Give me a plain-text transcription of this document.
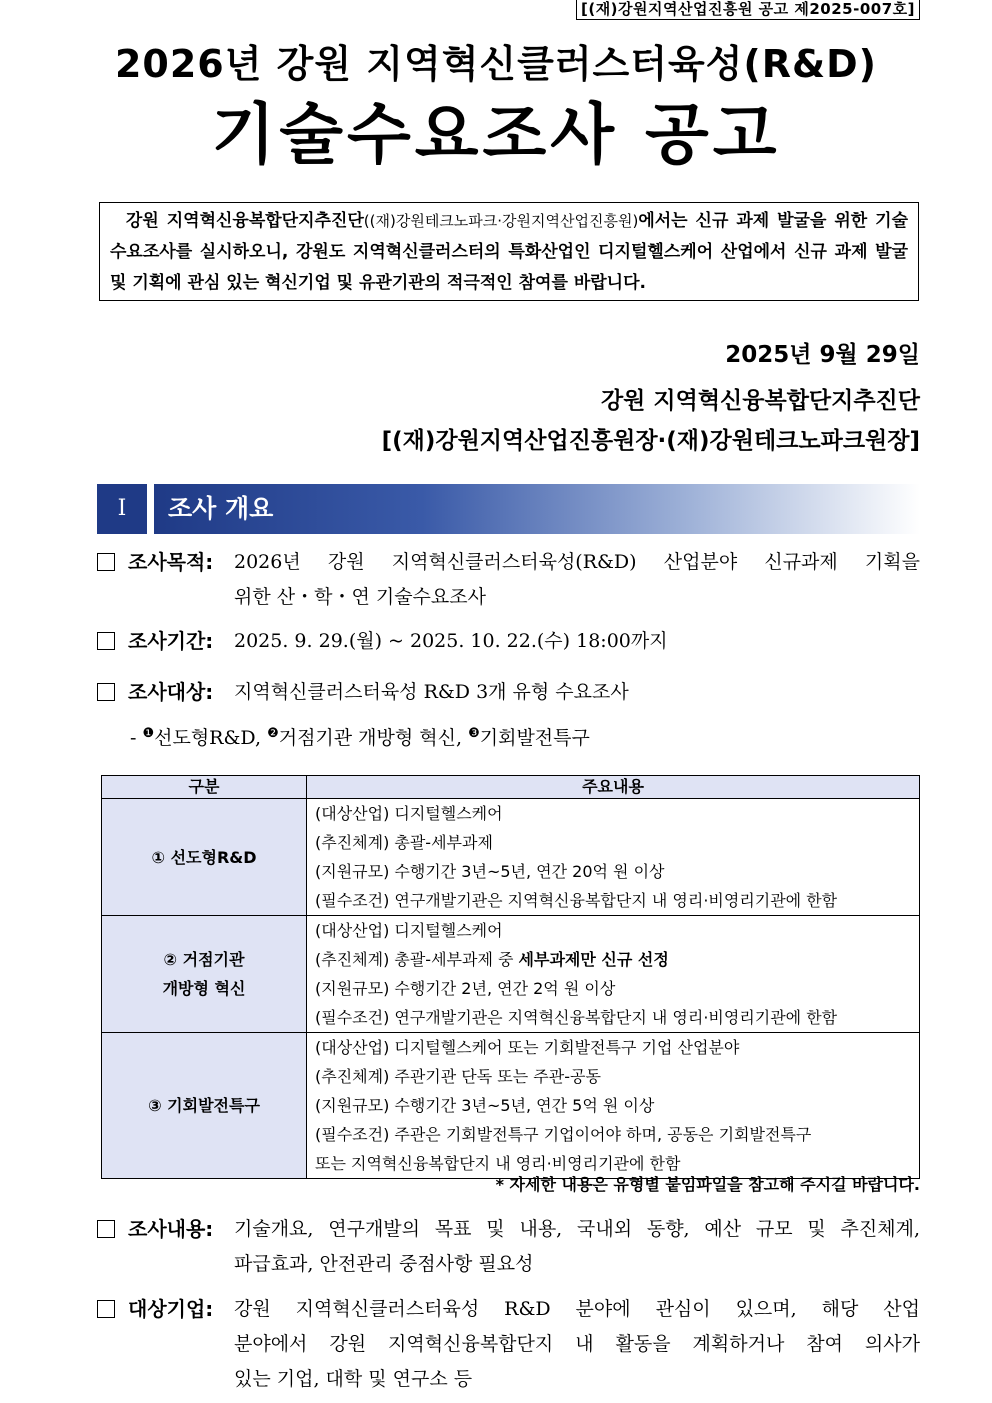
[(재)강원지역산업진흥원 공고 제2025-007호]
2026년 강원 지역혁신클러스터육성(R&D)
기술수요조사 공고
강원 지역혁신융복합단지추진단((재)강원테크노파크·강원지역산업진흥원)에서는 신규 과제 발굴을 위한 기술수요조사를 실시하오니, 강원도 지역혁신클러스터의 특화산업인 디지털헬스케어 산업에서 신규 과제 발굴 및 기획에 관심 있는 혁신기업 및 유관기관의 적극적인 참여를 바랍니다.
2025년 9월 29일
강원 지역혁신융복합단지추진단
[(재)강원지역산업진흥원장·(재)강원테크노파크원장]
Ⅰ	조사 개요
조사목적: 2026년 강원 지역혁신클러스터육성(R&D) 산업분야 신규과제 기획을
위한 산・학・연 기술수요조사
조사기간: 2025. 9. 29.(월) ~ 2025. 10. 22.(수) 18:00까지
조사대상: 지역혁신클러스터육성 R&D 3개 유형 수요조사
- ❶선도형R&D, ❷거점기관 개방형 혁신, ❸기회발전특구
구분	주요내용
① 선도형R&D	(대상산업) 디지털헬스케어
(추진체계) 총괄-세부과제
(지원규모) 수행기간 3년~5년, 연간 20억 원 이상
(필수조건) 연구개발기관은 지역혁신융복합단지 내 영리·비영리기관에 한함

② 거점기관
개방형 혁신	(대상산업) 디지털헬스케어
(추진체계) 총괄-세부과제 중 세부과제만 신규 선정
(지원규모) 수행기간 2년, 연간 2억 원 이상
(필수조건) 연구개발기관은 지역혁신융복합단지 내 영리·비영리기관에 한함

③ 기회발전특구	(대상산업) 디지털헬스케어 또는 기회발전특구 기업 산업분야
(추진체계) 주관기관 단독 또는 주관-공동
(지원규모) 수행기간 3년~5년, 연간 5억 원 이상
(필수조건) 주관은 기회발전특구 기업이어야 하며, 공동은 기회발전특구
또는 지역혁신융복합단지 내 영리·비영리기관에 한함
* 자세한 내용은 유형별 붙임파일을 참고해 주시길 바랍니다.
조사내용: 기술개요, 연구개발의 목표 및 내용, 국내외 동향, 예산 규모 및 추진체계,
파급효과, 안전관리 중점사항 필요성
대상기업: 강원 지역혁신클러스터육성 R&D 분야에 관심이 있으며, 해당 산업
분야에서 강원 지역혁신융복합단지 내 활동을 계획하거나 참여 의사가
있는 기업, 대학 및 연구소 등
